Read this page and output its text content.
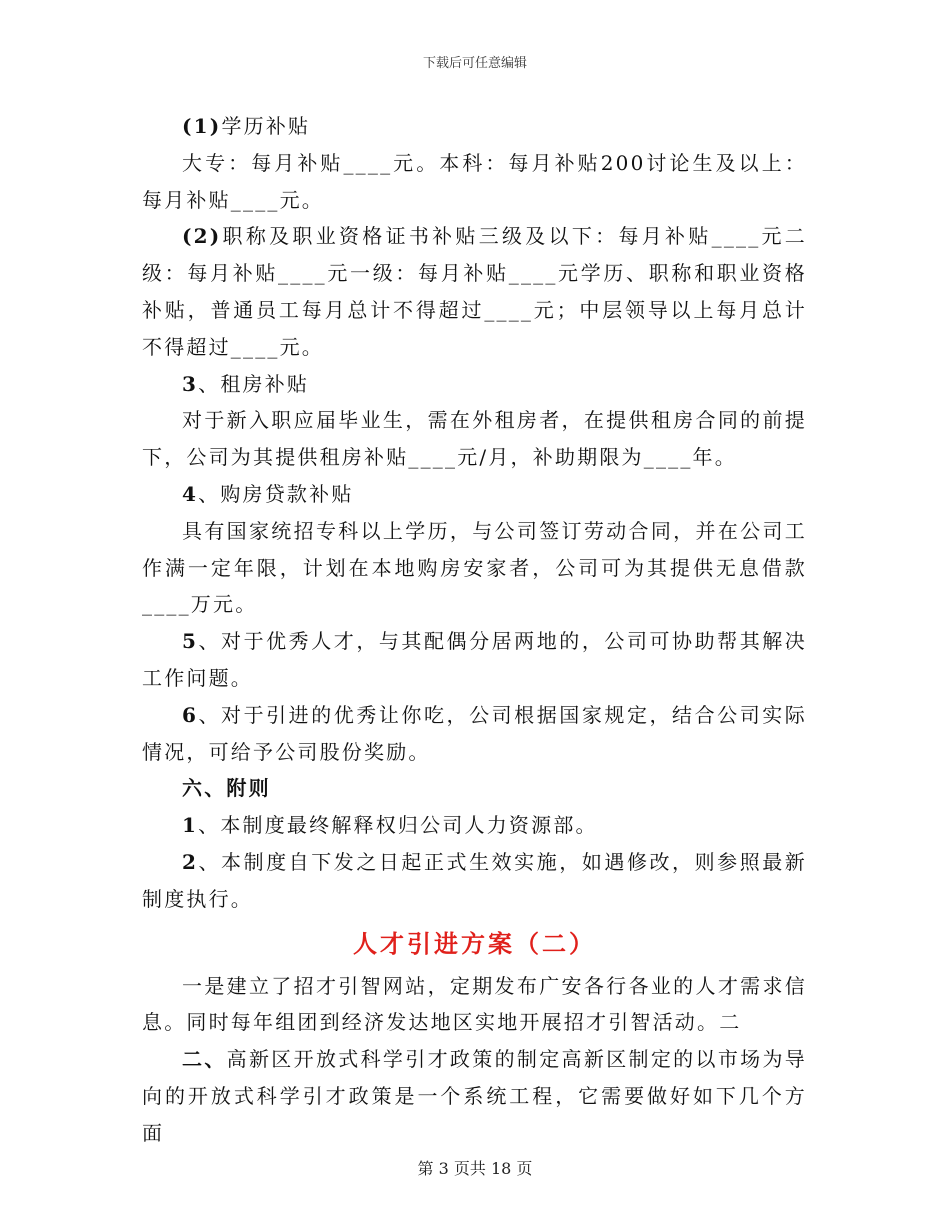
下载后可任意编辑

(1)学历补贴

大专：每月补贴____元。本科：每月补贴200讨论生及以上：每月补贴____元。

(2)职称及职业资格证书补贴三级及以下：每月补贴____元二级：每月补贴____元一级：每月补贴____元学历、职称和职业资格补贴，普通员工每月总计不得超过____元；中层领导以上每月总计不得超过____元。

3、租房补贴

对于新入职应届毕业生，需在外租房者，在提供租房合同的前提下，公司为其提供租房补贴____元/月，补助期限为____年。

4、购房贷款补贴

具有国家统招专科以上学历，与公司签订劳动合同，并在公司工作满一定年限，计划在本地购房安家者，公司可为其提供无息借款____万元。

5、对于优秀人才，与其配偶分居两地的，公司可协助帮其解决工作问题。

6、对于引进的优秀让你吃，公司根据国家规定，结合公司实际情况，可给予公司股份奖励。

六、附则

1、本制度最终解释权归公司人力资源部。

2、本制度自下发之日起正式生效实施，如遇修改，则参照最新制度执行。

人才引进方案（二）

一是建立了招才引智网站，定期发布广安各行各业的人才需求信息。同时每年组团到经济发达地区实地开展招才引智活动。二

二、高新区开放式科学引才政策的制定高新区制定的以市场为导向的开放式科学引才政策是一个系统工程，它需要做好如下几个方面

第 3 页共 18 页
